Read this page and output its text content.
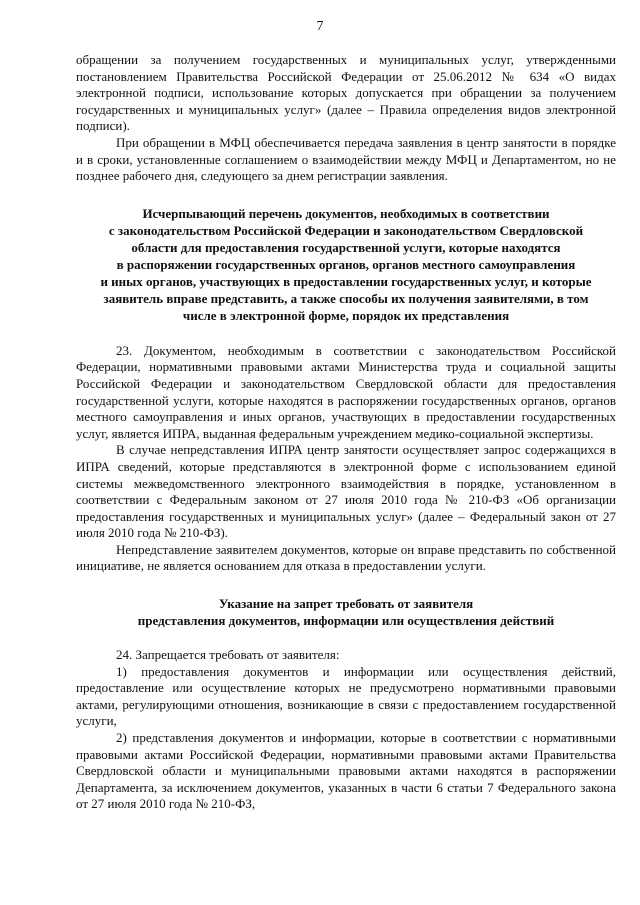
7

обращении за получением государственных и муниципальных услуг, утвержденными постановлением Правительства Российской Федерации от 25.06.2012 № 634 «О видах электронной подписи, использование которых допускается при обращении за получением государственных и муниципальных услуг» (далее – Правила определения видов электронной подписи).

При обращении в МФЦ обеспечивается передача заявления в центр занятости в порядке и в сроки, установленные соглашением о взаимодействии между МФЦ и Департаментом, но не позднее рабочего дня, следующего за днем регистрации заявления.

Исчерпывающий перечень документов, необходимых в соответствии
с законодательством Российской Федерации и законодательством Свердловской
области для предоставления государственной услуги, которые находятся
в распоряжении государственных органов, органов местного самоуправления
и иных органов, участвующих в предоставлении государственных услуг, и которые
заявитель вправе представить, а также способы их получения заявителями, в том
числе в электронной форме, порядок их представления

23. Документом, необходимым в соответствии с законодательством Российской Федерации, нормативными правовыми актами Министерства труда и социальной защиты Российской Федерации и законодательством Свердловской области для предоставления государственной услуги, которые находятся в распоряжении государственных органов, органов местного самоуправления и иных органов, участвующих в предоставлении государственных услуг, является ИПРА, выданная федеральным учреждением медико-социальной экспертизы.

В случае непредставления ИПРА центр занятости осуществляет запрос содержащихся в ИПРА сведений, которые представляются в электронной форме с использованием единой системы межведомственного электронного взаимодействия в порядке, установленном в соответствии с Федеральным законом от 27 июля 2010 года № 210-ФЗ «Об организации предоставления государственных и муниципальных услуг» (далее – Федеральный закон от 27 июля 2010 года № 210-ФЗ).

Непредставление заявителем документов, которые он вправе представить по собственной инициативе, не является основанием для отказа в предоставлении услуги.

Указание на запрет требовать от заявителя
представления документов, информации или осуществления действий

24. Запрещается требовать от заявителя:

1) предоставления документов и информации или осуществления действий, предоставление или осуществление которых не предусмотрено нормативными правовыми актами, регулирующими отношения, возникающие в связи с предоставлением государственной услуги,

2) представления документов и информации, которые в соответствии с нормативными правовыми актами Российской Федерации, нормативными правовыми актами Правительства Свердловской области и муниципальными правовыми актами находятся в распоряжении Департамента, за исключением документов, указанных в части 6 статьи 7 Федерального закона от 27 июля 2010 года № 210-ФЗ,
